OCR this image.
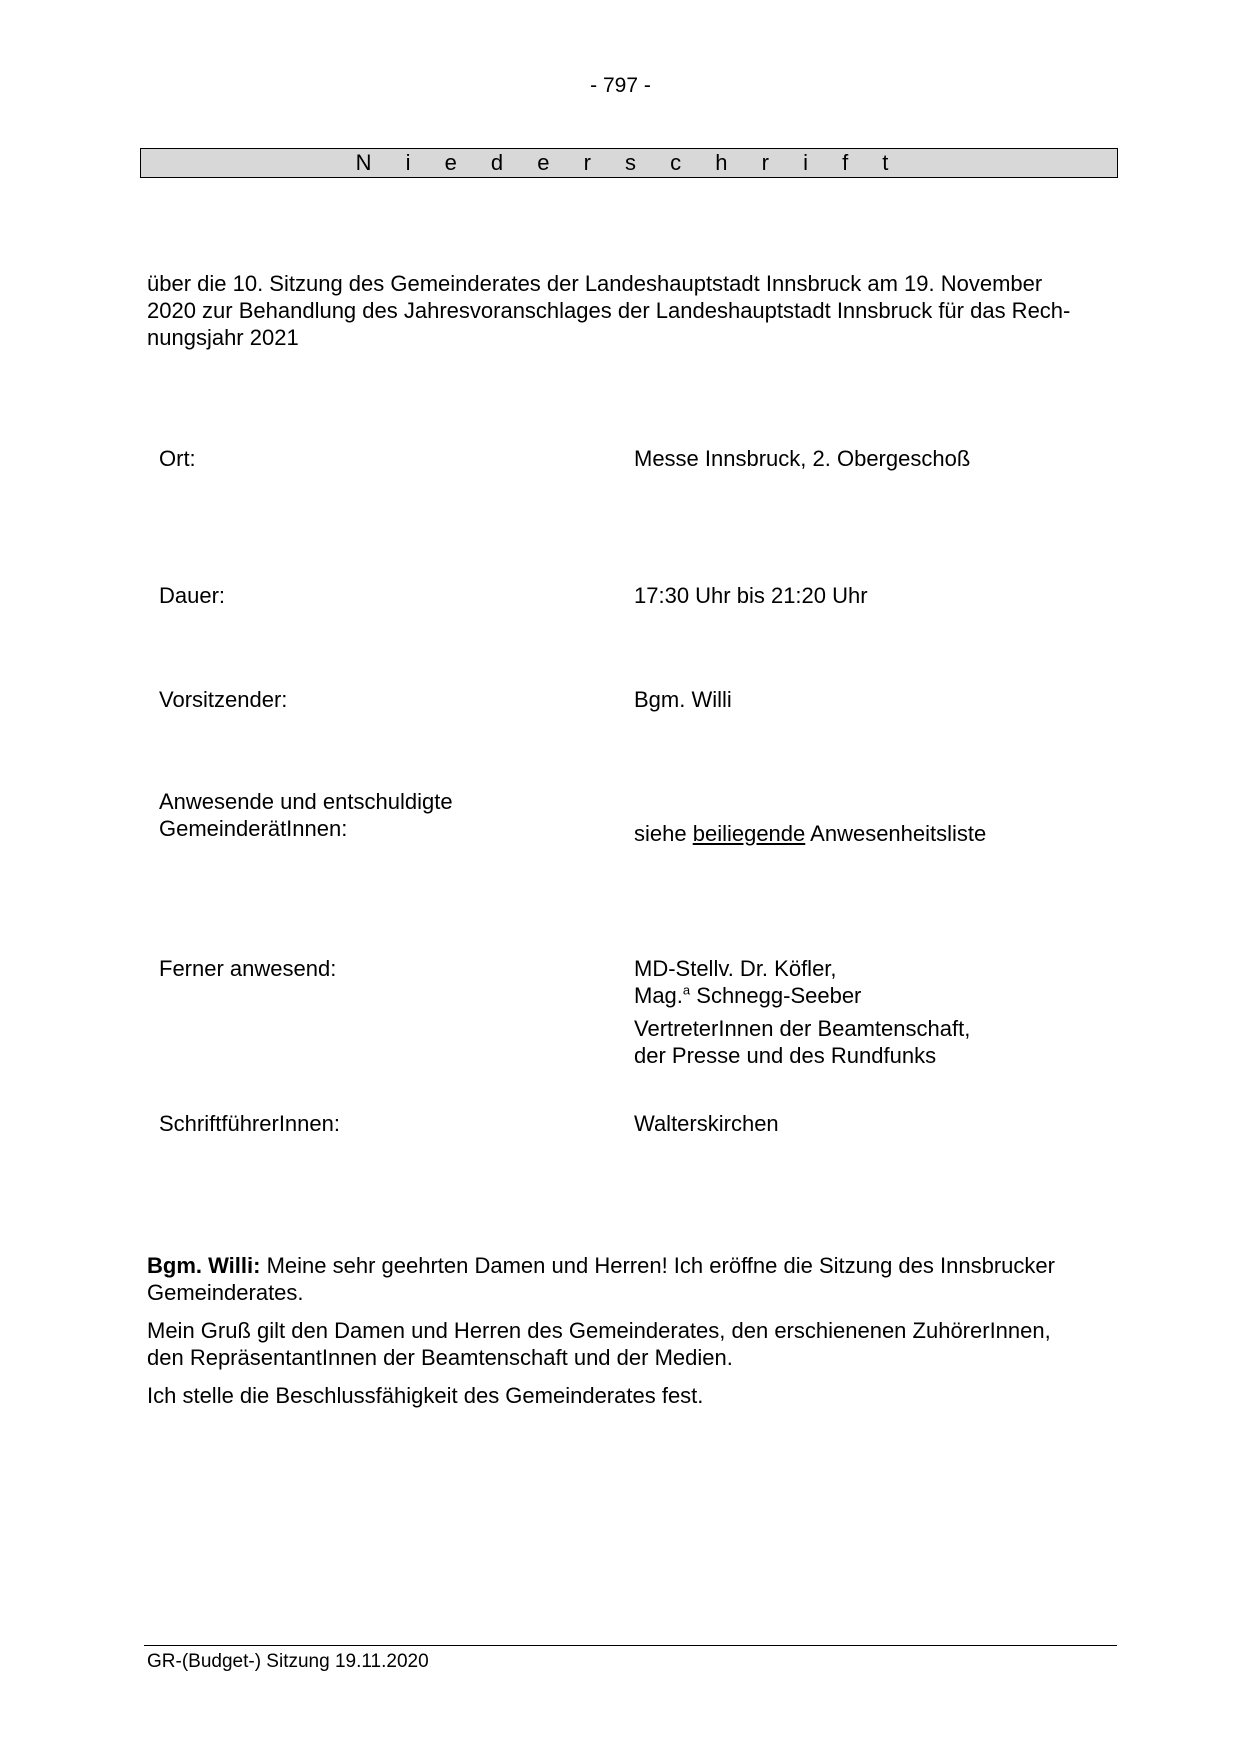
- 797 -
N i e d e r s c h r i f t
über die 10. Sitzung des Gemeinderates der Landeshauptstadt Innsbruck am 19. November
2020 zur Behandlung des Jahresvoranschlages der Landeshauptstadt Innsbruck für das Rech-
nungsjahr 2021
Ort:	Messe Innsbruck, 2. Obergeschoß
Dauer:	17:30 Uhr bis 21:20 Uhr
Vorsitzender:	Bgm. Willi
Anwesende und entschuldigte
GemeinderätInnen:	siehe beiliegende Anwesenheitsliste
Ferner anwesend:	MD-Stellv. Dr. Köfler,
Mag.$^a$ Schnegg-Seeber
VertreterInnen der Beamtenschaft,
der Presse und des Rundfunks
SchriftführerInnen:	Walterskirchen
Bgm. Willi: Meine sehr geehrten Damen und Herren! Ich eröffne die Sitzung des Innsbrucker
Gemeinderates.
Mein Gruß gilt den Damen und Herren des Gemeinderates, den erschienenen ZuhörerInnen,
den RepräsentantInnen der Beamtenschaft und der Medien.
Ich stelle die Beschlussfähigkeit des Gemeinderates fest.
GR-(Budget-) Sitzung 19.11.2020
